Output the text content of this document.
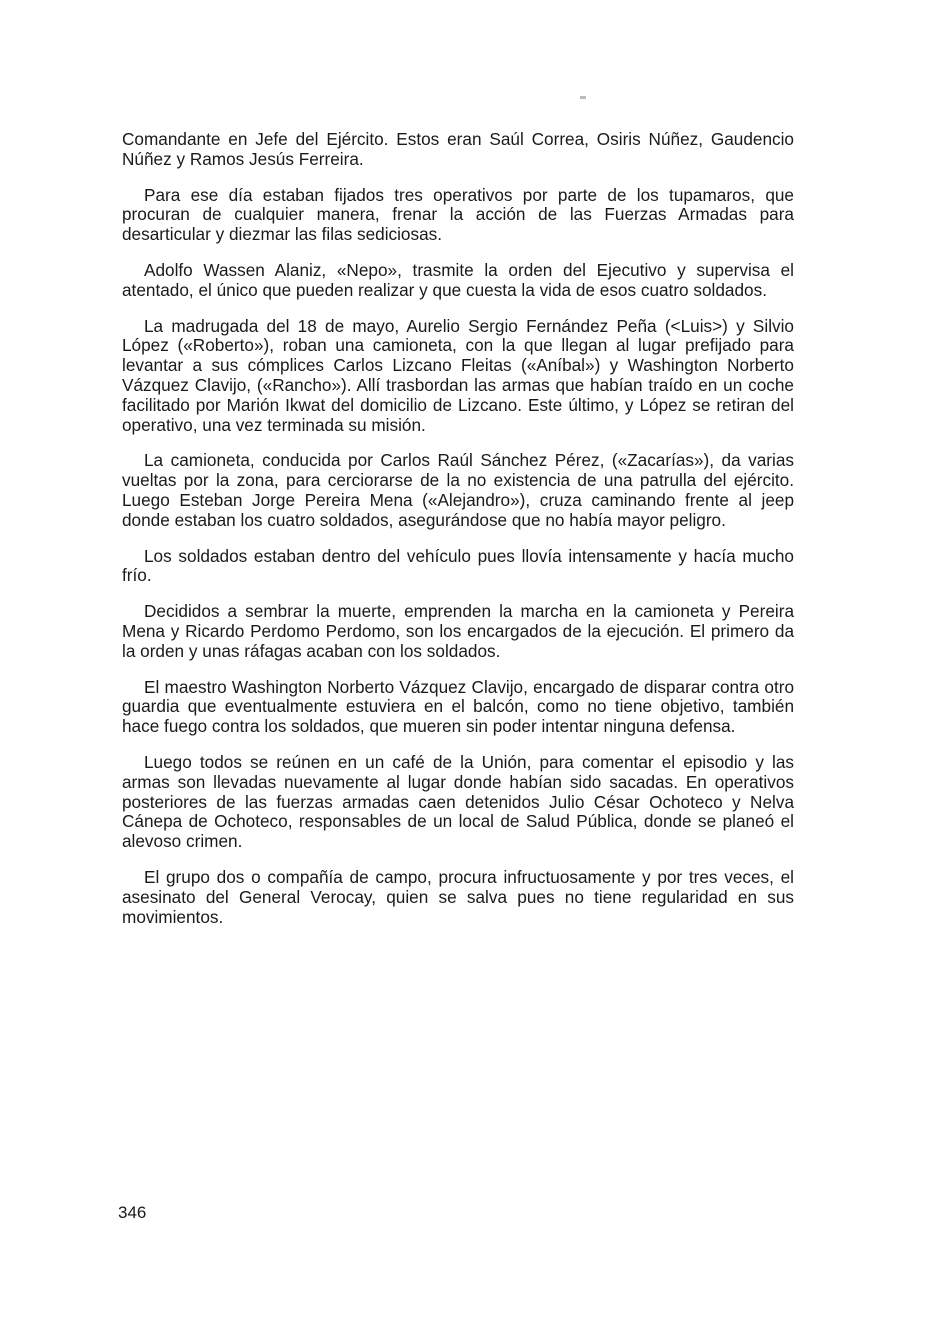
Comandante en Jefe del Ejército. Estos eran Saúl Correa, Osiris Núñez, Gaudencio Núñez y Ramos Jesús Ferreira.

Para ese día estaban fijados tres operativos por parte de los tupamaros, que procuran de cualquier manera, frenar la acción de las Fuerzas Armadas para desarticular y diezmar las filas sediciosas.

Adolfo Wassen Alaniz, «Nepo», trasmite la orden del Ejecutivo y supervisa el atentado, el único que pueden realizar y que cuesta la vida de esos cuatro soldados.

La madrugada del 18 de mayo, Aurelio Sergio Fernández Peña (<Luis>) y Silvio López («Roberto»), roban una camioneta, con la que llegan al lugar prefijado para levantar a sus cómplices Carlos Lizcano Fleitas («Aníbal») y Washington Norberto Vázquez Clavijo, («Rancho»). Allí trasbordan las armas que habían traído en un coche facilitado por Marión Ikwat del domicilio de Lizcano. Este último, y López se retiran del operativo, una vez terminada su misión.

La camioneta, conducida por Carlos Raúl Sánchez Pérez, («Zacarías»), da varias vueltas por la zona, para cerciorarse de la no existencia de una patrulla del ejército. Luego Esteban Jorge Pereira Mena («Alejandro»), cruza caminando frente al jeep donde estaban los cuatro soldados, asegurándose que no había mayor peligro.

Los soldados estaban dentro del vehículo pues llovía intensamente y hacía mucho frío.

Decididos a sembrar la muerte, emprenden la marcha en la camioneta y Pereira Mena y Ricardo Perdomo Perdomo, son los encargados de la ejecución. El primero da la orden y unas ráfagas acaban con los soldados.

El maestro Washington Norberto Vázquez Clavijo, encargado de disparar contra otro guardia que eventualmente estuviera en el balcón, como no tiene objetivo, también hace fuego contra los soldados, que mueren sin poder intentar ninguna defensa.

Luego todos se reúnen en un café de la Unión, para comentar el episodio y las armas son llevadas nuevamente al lugar donde habían sido sacadas. En operativos posteriores de las fuerzas armadas caen detenidos Julio César Ochoteco y Nelva Cánepa de Ochoteco, responsables de un local de Salud Pública, donde se planeó el alevoso crimen.

El grupo dos o compañía de campo, procura infructuosamente y por tres veces, el asesinato del General Verocay, quien se salva pues no tiene regularidad en sus movimientos.

346
